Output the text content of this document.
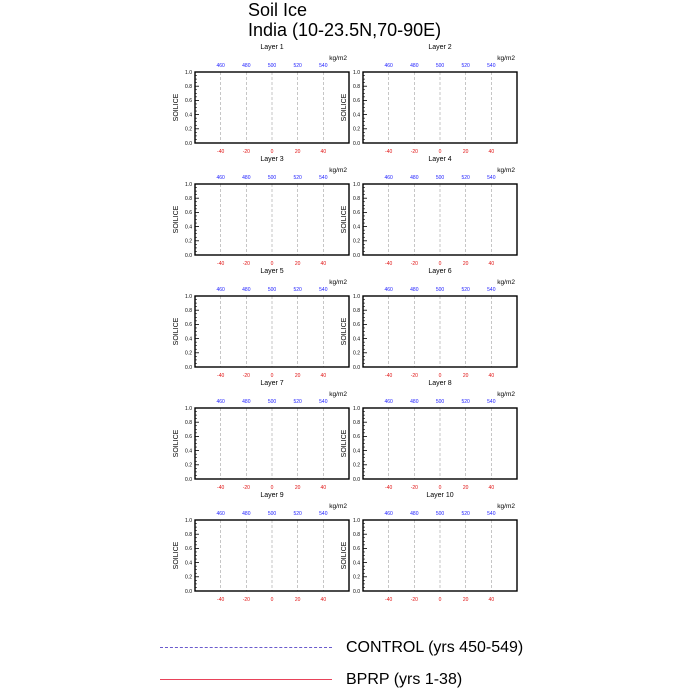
Soil Ice
India (10-23.5N,70-90E)
Layer 1
kg/m2
460	480	500	520	540
-40	-20	0	20	40
0.0
0.2
0.4
0.6
0.8
1.0
SOILICE
Layer 2
kg/m2
460	480	500	520	540
-40	-20	0	20	40
0.0
0.2
0.4
0.6
0.8
1.0
SOILICE
Layer 3
kg/m2
460	480	500	520	540
-40	-20	0	20	40
0.0
0.2
0.4
0.6
0.8
1.0
SOILICE
Layer 4
kg/m2
460	480	500	520	540
-40	-20	0	20	40
0.0
0.2
0.4
0.6
0.8
1.0
SOILICE
Layer 5
kg/m2
460	480	500	520	540
-40	-20	0	20	40
0.0
0.2
0.4
0.6
0.8
1.0
SOILICE
Layer 6
kg/m2
460	480	500	520	540
-40	-20	0	20	40
0.0
0.2
0.4
0.6
0.8
1.0
SOILICE
Layer 7
kg/m2
460	480	500	520	540
-40	-20	0	20	40
0.0
0.2
0.4
0.6
0.8
1.0
SOILICE
Layer 8
kg/m2
460	480	500	520	540
-40	-20	0	20	40
0.0
0.2
0.4
0.6
0.8
1.0
SOILICE
Layer 9
kg/m2
460	480	500	520	540
-40	-20	0	20	40
0.0
0.2
0.4
0.6
0.8
1.0
SOILICE
Layer 10
kg/m2
460	480	500	520	540
-40	-20	0	20	40
0.0
0.2
0.4
0.6
0.8
1.0
SOILICE
CONTROL (yrs 450-549)
BPRP (yrs 1-38)
